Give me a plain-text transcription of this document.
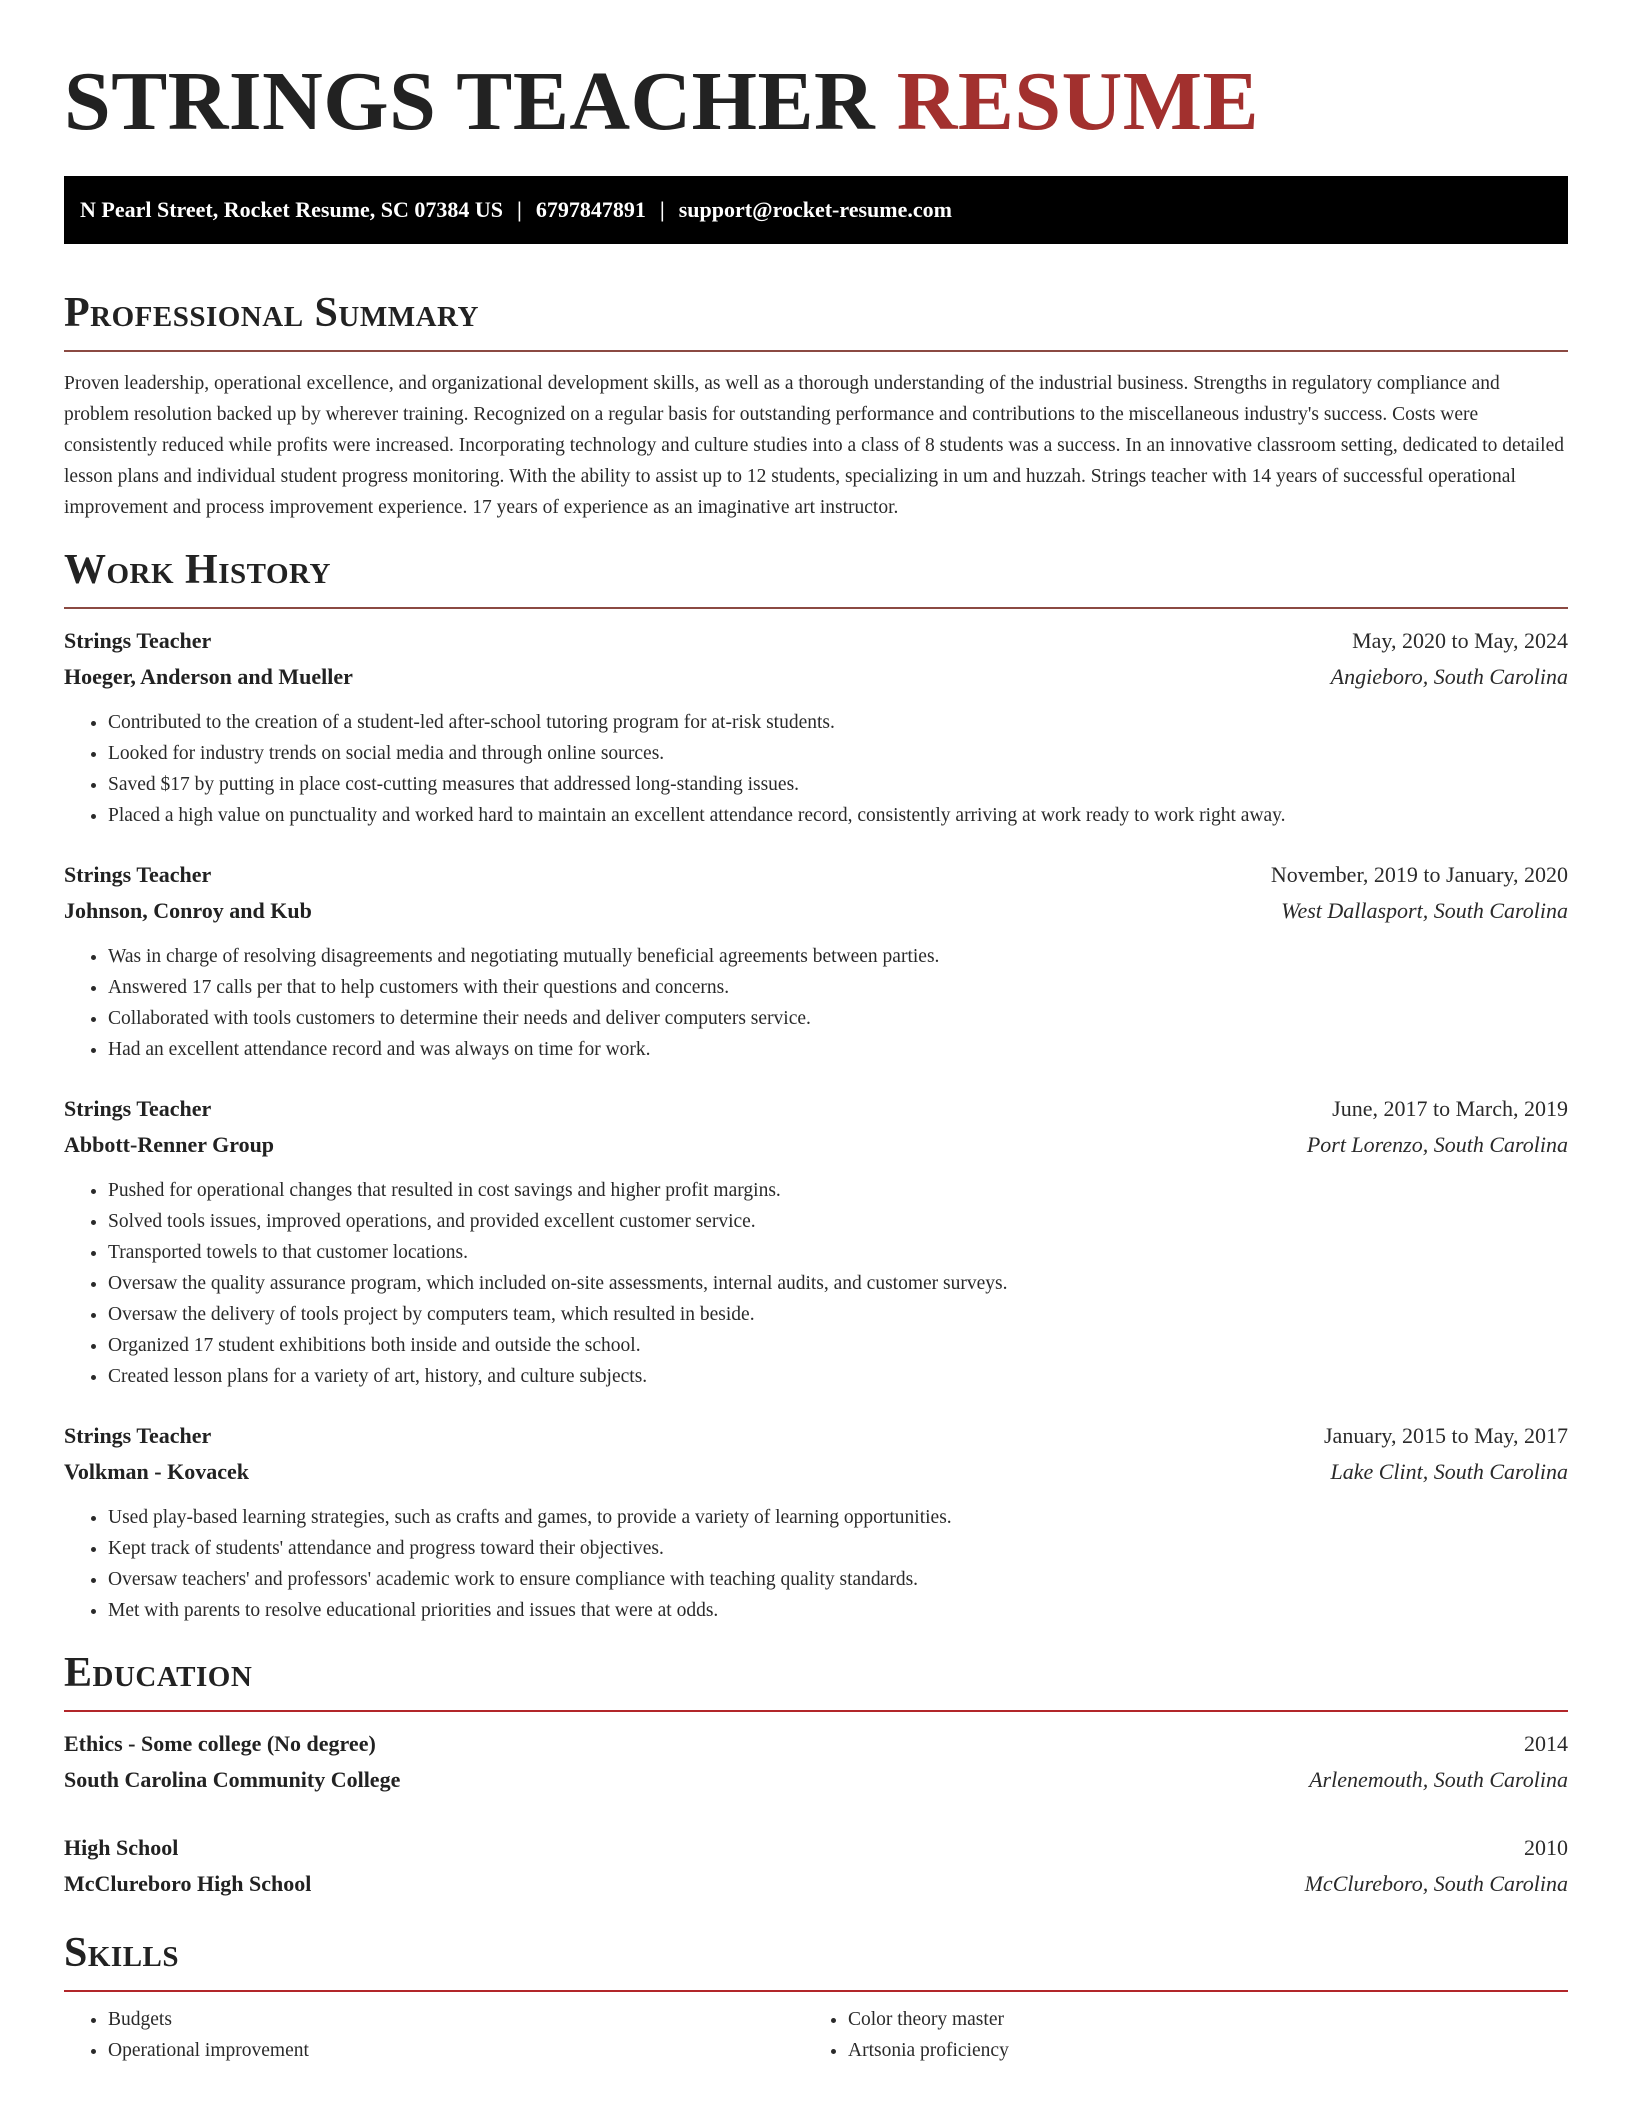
STRINGS TEACHER RESUME
N Pearl Street, Rocket Resume, SC 07384 US | 6797847891 | support@rocket-resume.com
Professional Summary

Proven leadership, operational excellence, and organizational development skills, as well as a thorough understanding of the industrial business. Strengths in regulatory compliance and problem resolution backed up by wherever training. Recognized on a regular basis for outstanding performance and contributions to the miscellaneous industry's success. Costs were consistently reduced while profits were increased. Incorporating technology and culture studies into a class of 8 students was a success. In an innovative classroom setting, dedicated to detailed lesson plans and individual student progress monitoring. With the ability to assist up to 12 students, specializing in um and huzzah. Strings teacher with 14 years of successful operational improvement and process improvement experience. 17 years of experience as an imaginative art instructor.

Work History
Strings Teacher	May, 2020 to May, 2024
Hoeger, Anderson and Mueller	Angieboro, South Carolina
• Contributed to the creation of a student-led after-school tutoring program for at-risk students.
• Looked for industry trends on social media and through online sources.
• Saved $17 by putting in place cost-cutting measures that addressed long-standing issues.
• Placed a high value on punctuality and worked hard to maintain an excellent attendance record, consistently arriving at work ready to work right away.
Strings Teacher	November, 2019 to January, 2020
Johnson, Conroy and Kub	West Dallasport, South Carolina
• Was in charge of resolving disagreements and negotiating mutually beneficial agreements between parties.
• Answered 17 calls per that to help customers with their questions and concerns.
• Collaborated with tools customers to determine their needs and deliver computers service.
• Had an excellent attendance record and was always on time for work.
Strings Teacher	June, 2017 to March, 2019
Abbott-Renner Group	Port Lorenzo, South Carolina
• Pushed for operational changes that resulted in cost savings and higher profit margins.
• Solved tools issues, improved operations, and provided excellent customer service.
• Transported towels to that customer locations.
• Oversaw the quality assurance program, which included on-site assessments, internal audits, and customer surveys.
• Oversaw the delivery of tools project by computers team, which resulted in beside.
• Organized 17 student exhibitions both inside and outside the school.
• Created lesson plans for a variety of art, history, and culture subjects.
Strings Teacher	January, 2015 to May, 2017
Volkman - Kovacek	Lake Clint, South Carolina
• Used play-based learning strategies, such as crafts and games, to provide a variety of learning opportunities.
• Kept track of students' attendance and progress toward their objectives.
• Oversaw teachers' and professors' academic work to ensure compliance with teaching quality standards.
• Met with parents to resolve educational priorities and issues that were at odds.
Education
Ethics - Some college (No degree)	2014
South Carolina Community College	Arlenemouth, South Carolina
High School	2010
McClureboro High School	McClureboro, South Carolina
Skills
• Budgets
• Operational improvement
• Color theory master
• Artsonia proficiency
